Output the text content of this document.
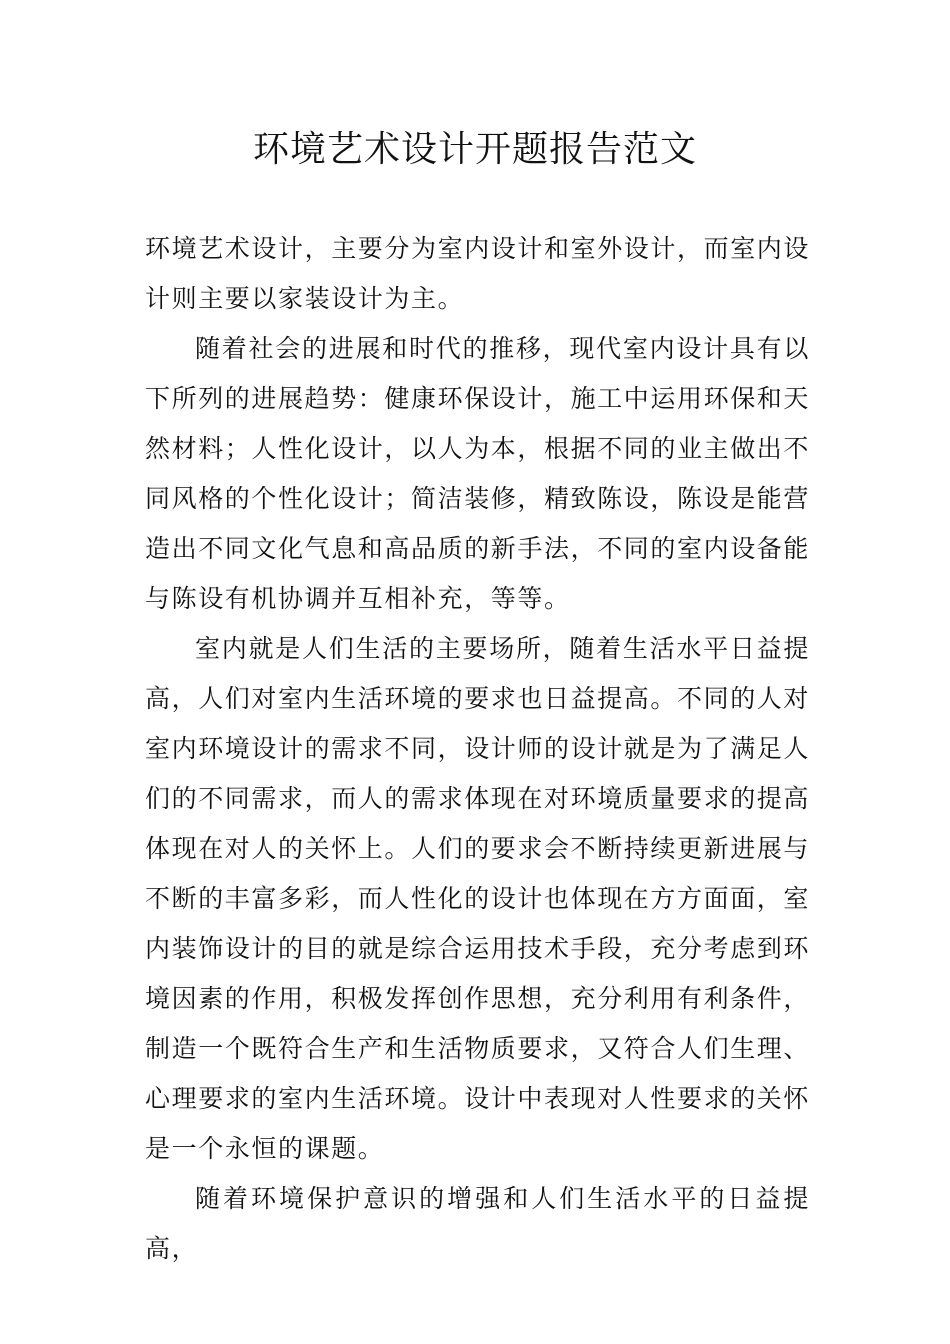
环境艺术设计开题报告范文

环境艺术设计，主要分为室内设计和室外设计，而室内设计则主要以家装设计为主。

随着社会的进展和时代的推移，现代室内设计具有以下所列的进展趋势：健康环保设计，施工中运用环保和天然材料；人性化设计，以人为本，根据不同的业主做出不同风格的个性化设计；简洁装修，精致陈设，陈设是能营造出不同文化气息和高品质的新手法，不同的室内设备能与陈设有机协调并互相补充，等等。

室内就是人们生活的主要场所，随着生活水平日益提高，人们对室内生活环境的要求也日益提高。不同的人对室内环境设计的需求不同，设计师的设计就是为了满足人们的不同需求，而人的需求体现在对环境质量要求的提高体现在对人的关怀上。人们的要求会不断持续更新进展与不断的丰富多彩，而人性化的设计也体现在方方面面，室内装饰设计的目的就是综合运用技术手段，充分考虑到环境因素的作用，积极发挥创作思想，充分利用有利条件，制造一个既符合生产和生活物质要求，又符合人们生理、心理要求的室内生活环境。设计中表现对人性要求的关怀是一个永恒的课题。

随着环境保护意识的增强和人们生活水平的日益提高，
